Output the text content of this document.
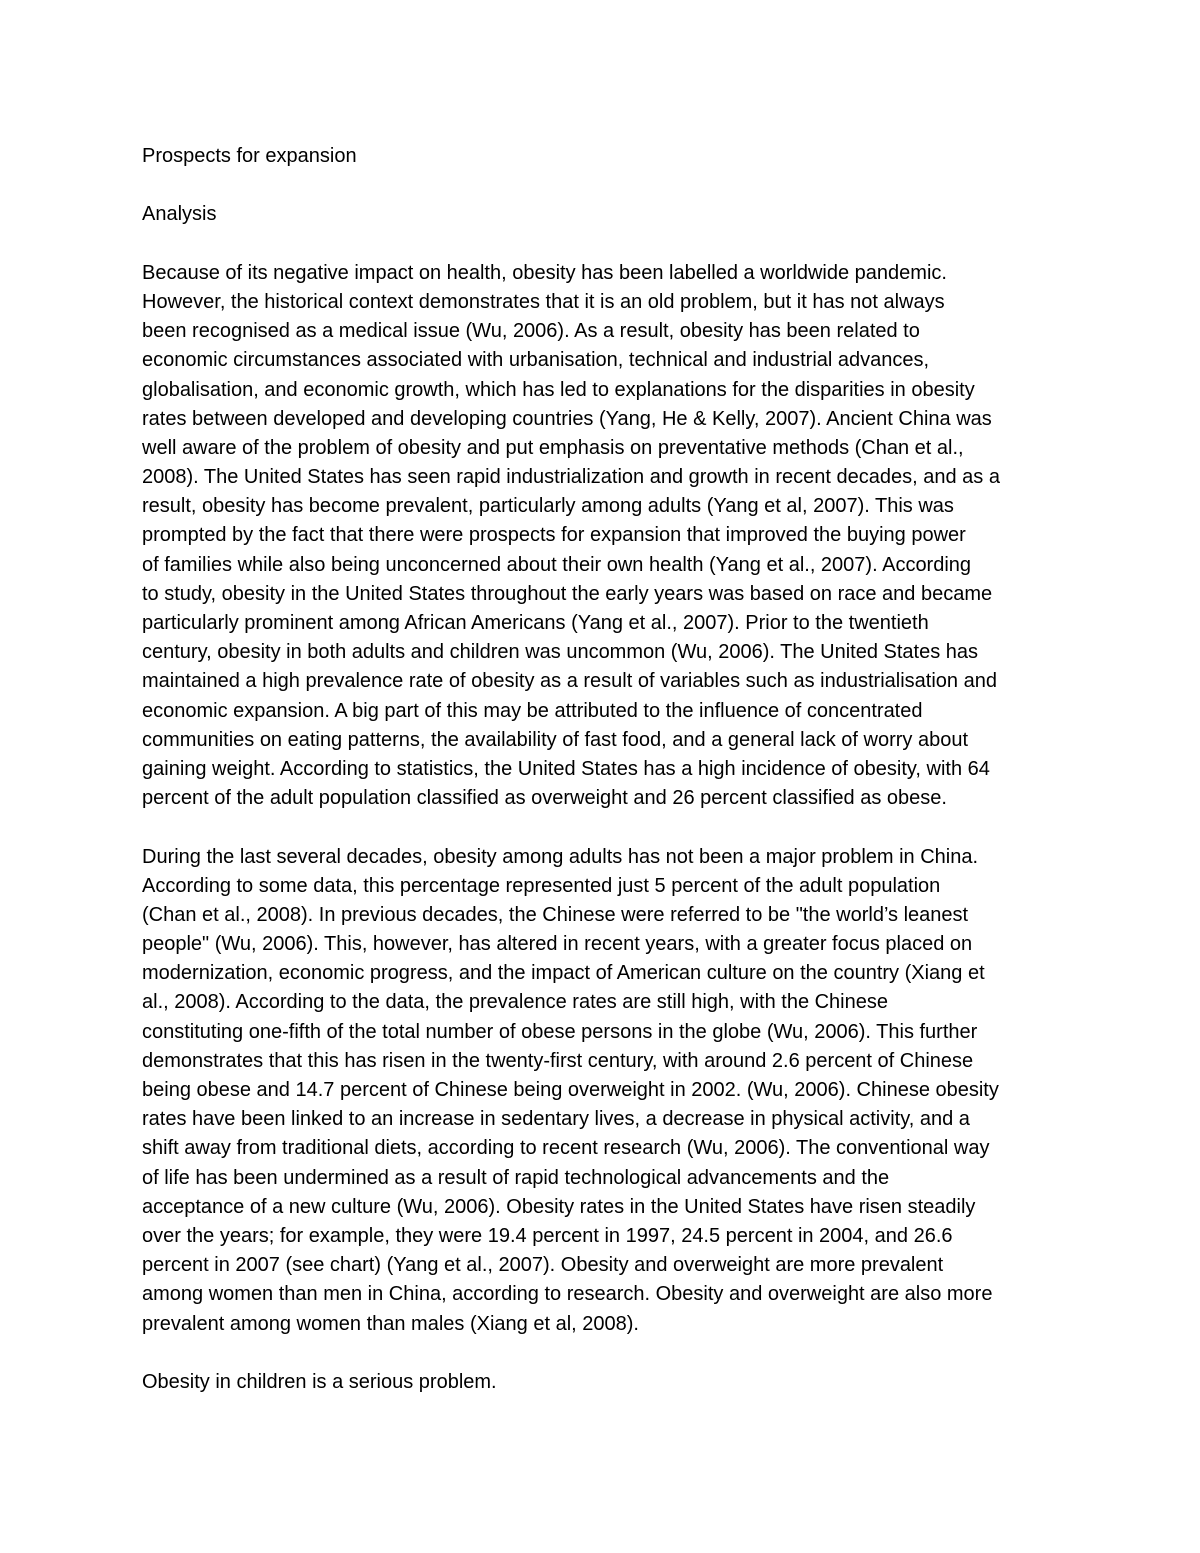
Prospects for expansion
Analysis
Because of its negative impact on health, obesity has been labelled a worldwide pandemic.
However, the historical context demonstrates that it is an old problem, but it has not always
been recognised as a medical issue (Wu, 2006). As a result, obesity has been related to
economic circumstances associated with urbanisation, technical and industrial advances,
globalisation, and economic growth, which has led to explanations for the disparities in obesity
rates between developed and developing countries (Yang, He & Kelly, 2007). Ancient China was
well aware of the problem of obesity and put emphasis on preventative methods (Chan et al.,
2008). The United States has seen rapid industrialization and growth in recent decades, and as a
result, obesity has become prevalent, particularly among adults (Yang et al, 2007). This was
prompted by the fact that there were prospects for expansion that improved the buying power
of families while also being unconcerned about their own health (Yang et al., 2007). According
to study, obesity in the United States throughout the early years was based on race and became
particularly prominent among African Americans (Yang et al., 2007). Prior to the twentieth
century, obesity in both adults and children was uncommon (Wu, 2006). The United States has
maintained a high prevalence rate of obesity as a result of variables such as industrialisation and
economic expansion. A big part of this may be attributed to the influence of concentrated
communities on eating patterns, the availability of fast food, and a general lack of worry about
gaining weight. According to statistics, the United States has a high incidence of obesity, with 64
percent of the adult population classified as overweight and 26 percent classified as obese.
During the last several decades, obesity among adults has not been a major problem in China.
According to some data, this percentage represented just 5 percent of the adult population
(Chan et al., 2008). In previous decades, the Chinese were referred to be "the world’s leanest
people" (Wu, 2006). This, however, has altered in recent years, with a greater focus placed on
modernization, economic progress, and the impact of American culture on the country (Xiang et
al., 2008). According to the data, the prevalence rates are still high, with the Chinese
constituting one-fifth of the total number of obese persons in the globe (Wu, 2006). This further
demonstrates that this has risen in the twenty-first century, with around 2.6 percent of Chinese
being obese and 14.7 percent of Chinese being overweight in 2002. (Wu, 2006). Chinese obesity
rates have been linked to an increase in sedentary lives, a decrease in physical activity, and a
shift away from traditional diets, according to recent research (Wu, 2006). The conventional way
of life has been undermined as a result of rapid technological advancements and the
acceptance of a new culture (Wu, 2006). Obesity rates in the United States have risen steadily
over the years; for example, they were 19.4 percent in 1997, 24.5 percent in 2004, and 26.6
percent in 2007 (see chart) (Yang et al., 2007). Obesity and overweight are more prevalent
among women than men in China, according to research. Obesity and overweight are also more
prevalent among women than males (Xiang et al, 2008).
Obesity in children is a serious problem.
